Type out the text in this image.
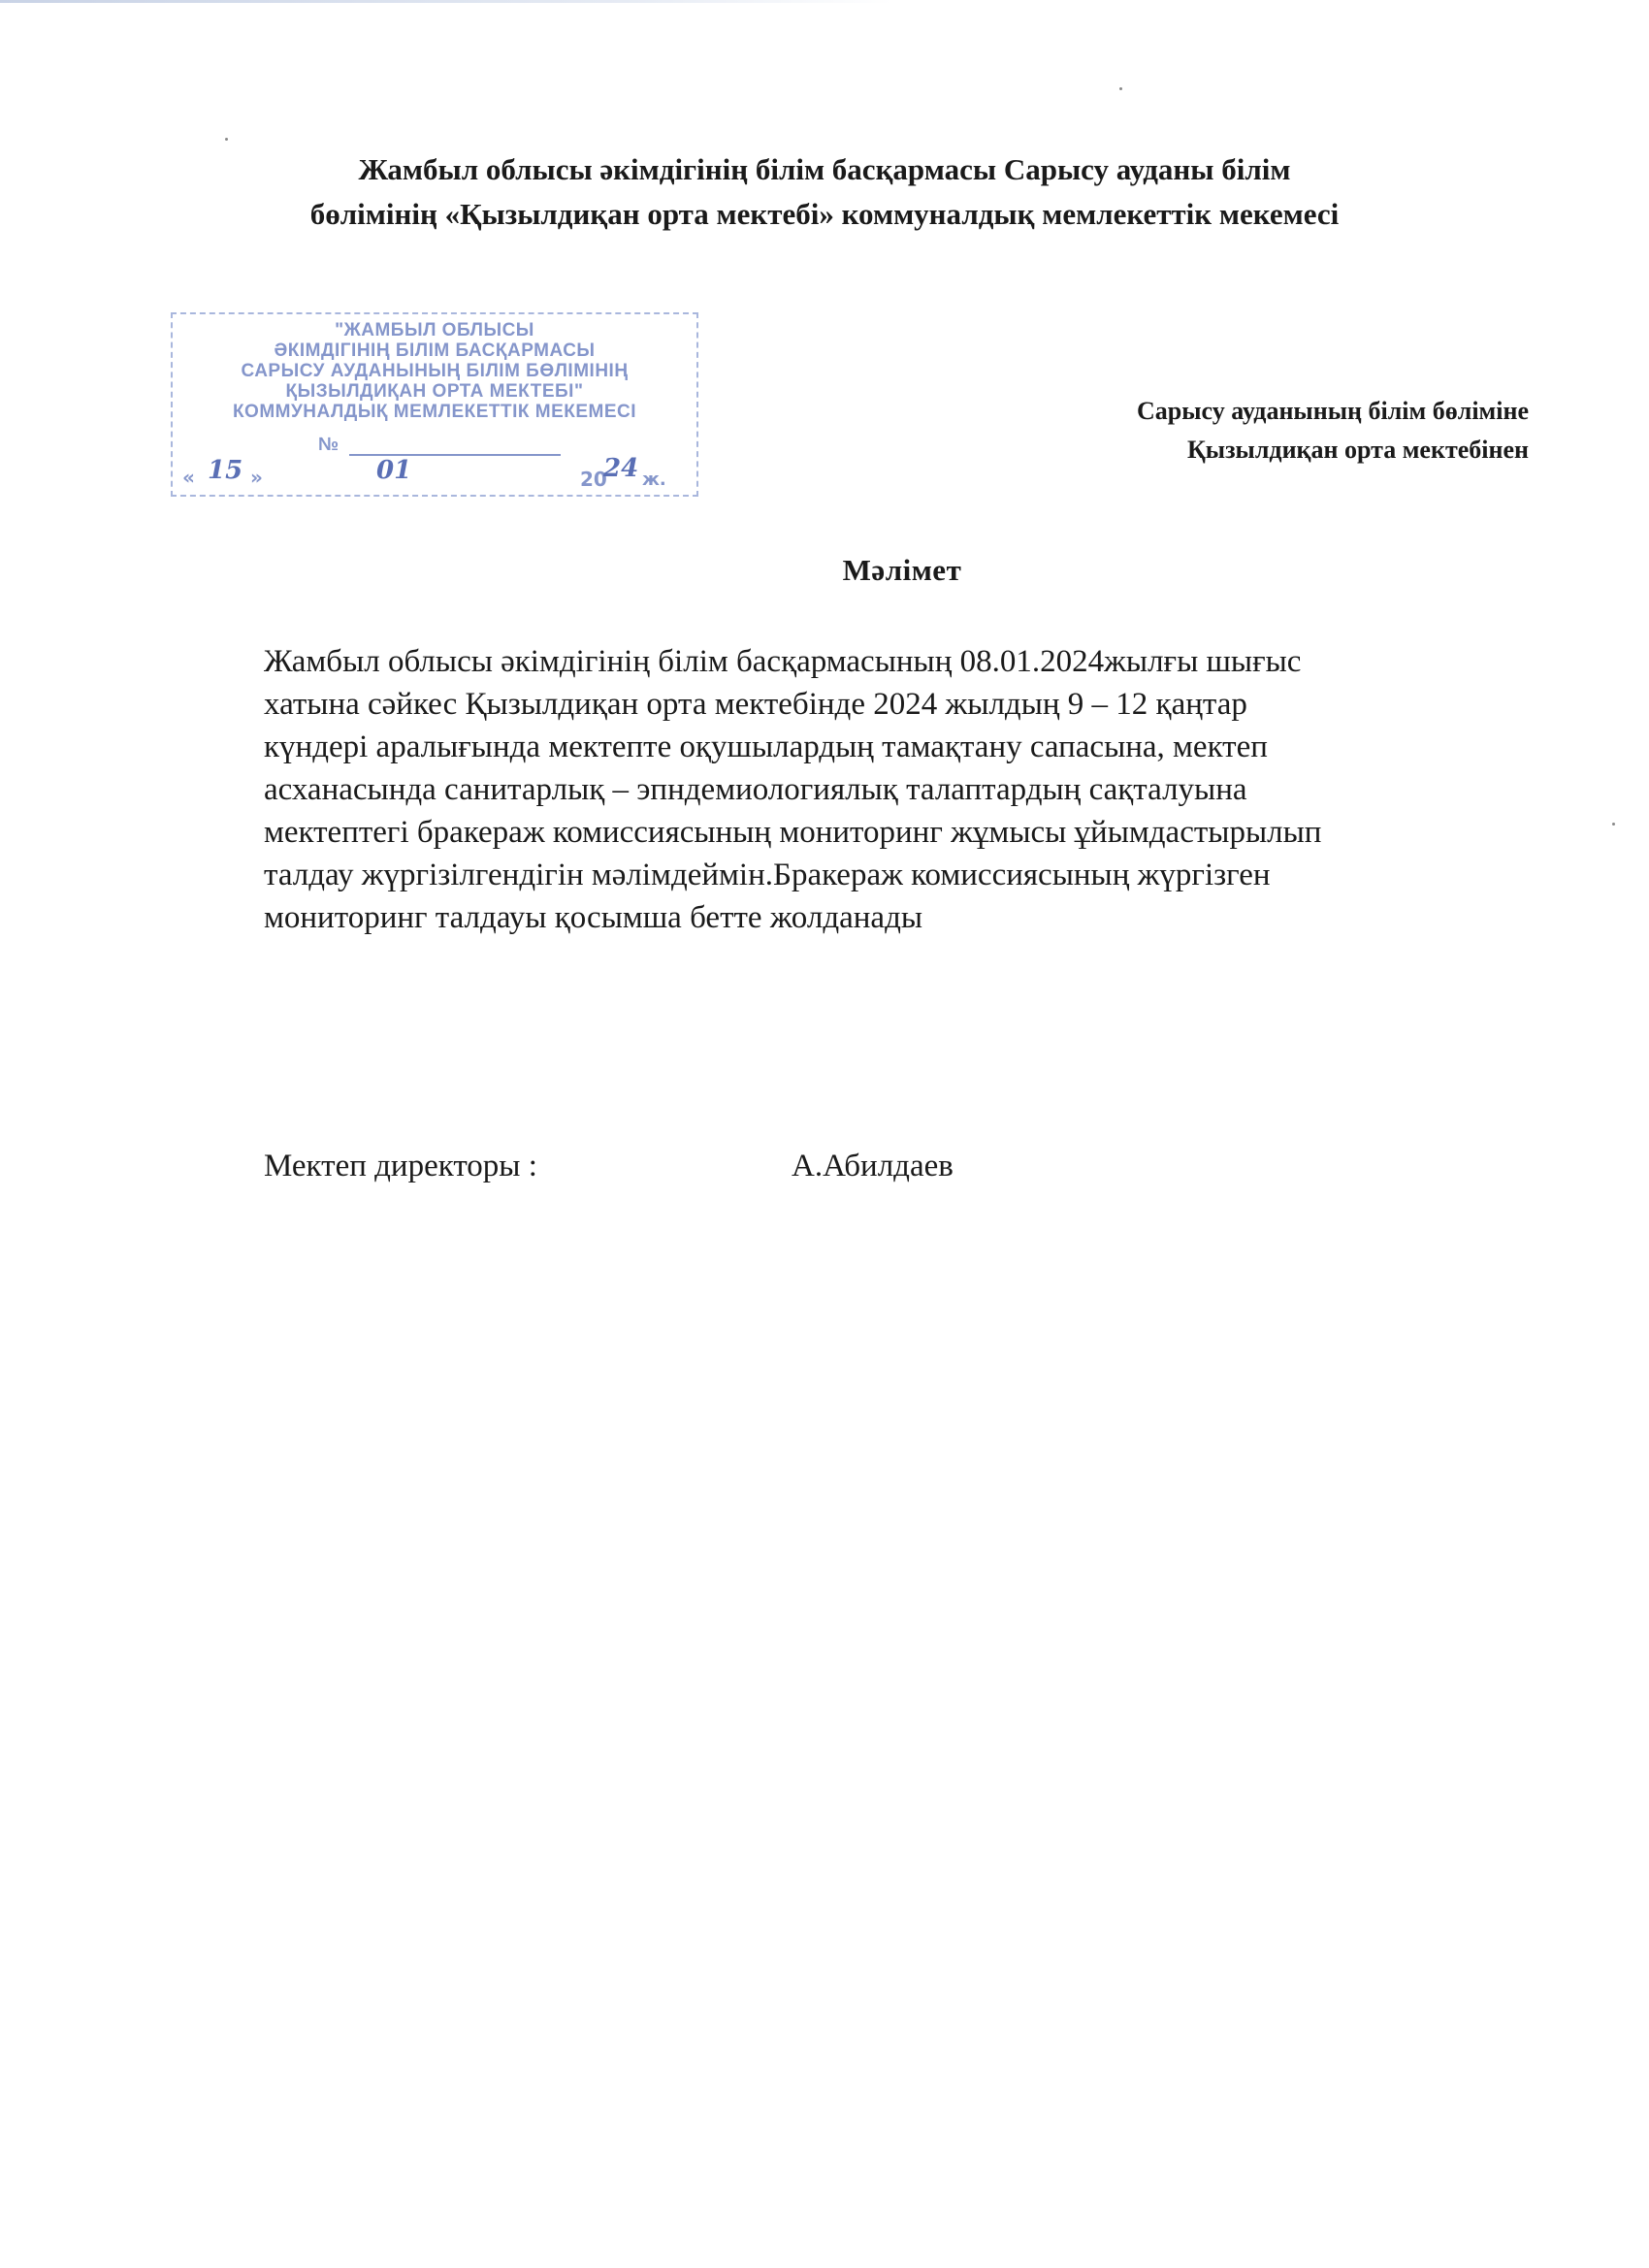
Жамбыл облысы әкімдігінің білім басқармасы Сарысу ауданы білім
бөлімінің «Қызылдиқан орта мектебі» коммуналдық мемлекеттік мекемесі
"ЖАМБЫЛ ОБЛЫСЫ
ӘКІМДІГІНІҢ БІЛІМ БАСҚАРМАСЫ
САРЫСУ АУДАНЫНЫҢ БІЛІМ БӨЛІМІНІҢ
ҚЫЗЫЛДИҚАН ОРТА МЕКТЕБІ"
КОММУНАЛДЫҚ МЕМЛЕКЕТТІК МЕКЕМЕСІ
№
« 15 »	01	20
24 ж.
Сарысу ауданының білім бөліміне
Қызылдиқан орта мектебінен
Мәлімет
Жамбыл облысы әкімдігінің білім басқармасының 08.01.2024жылғы шығыс
хатына сәйкес Қызылдиқан орта мектебінде 2024 жылдың 9 – 12 қаңтар
күндері аралығында мектепте оқушылардың тамақтану сапасына, мектеп
асханасында санитарлық – эпндемиологиялық талаптардың сақталуына
мектептегі бракераж комиссиясының мониторинг жұмысы ұйымдастырылып
талдау жүргізілгендігін мәлімдеймін.Бракераж комиссиясының жүргізген
мониторинг талдауы қосымша бетте жолданады
Мектеп директоры :	А.Абилдаев
